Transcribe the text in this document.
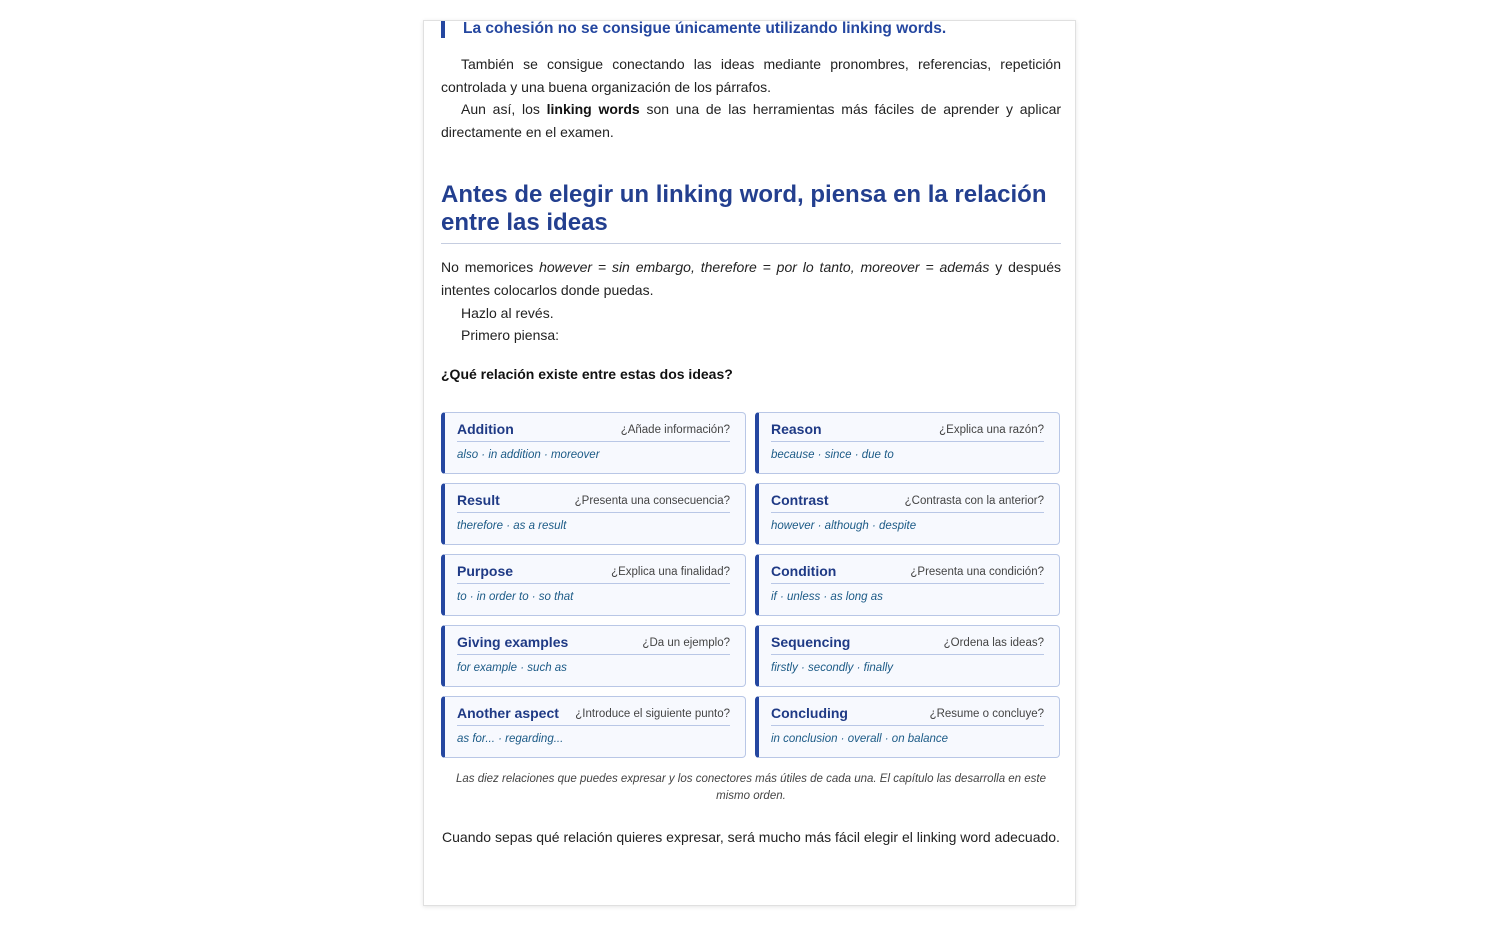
La cohesión no se consigue únicamente utilizando linking words.
También se consigue conectando las ideas mediante pronombres, referencias, repetición controlada y una buena organización de los párrafos.
Aun así, los linking words son una de las herramientas más fáciles de aprender y aplicar directamente en el examen.
Antes de elegir un linking word, piensa en la relación entre las ideas
No memorices however = sin embargo, therefore = por lo tanto, moreover = además y después intentes colocarlos donde puedas.
Hazlo al revés.
Primero piensa:
¿Qué relación existe entre estas dos ideas?
Addition	¿Añade información?
also · in addition · moreover
Reason	¿Explica una razón?
because · since · due to
Result	¿Presenta una consecuencia?
therefore · as a result
Contrast	¿Contrasta con la anterior?
however · although · despite
Purpose	¿Explica una finalidad?
to · in order to · so that
Condition	¿Presenta una condición?
if · unless · as long as
Giving examples	¿Da un ejemplo?
for example · such as
Sequencing	¿Ordena las ideas?
firstly · secondly · finally
Another aspect ¿Introduce el siguiente punto?
as for... · regarding...
Concluding	¿Resume o concluye?
in conclusion · overall · on balance
Las diez relaciones que puedes expresar y los conectores más útiles de cada una. El capítulo las desarrolla en este mismo orden.
Cuando sepas qué relación quieres expresar, será mucho más fácil elegir el linking word adecuado.
